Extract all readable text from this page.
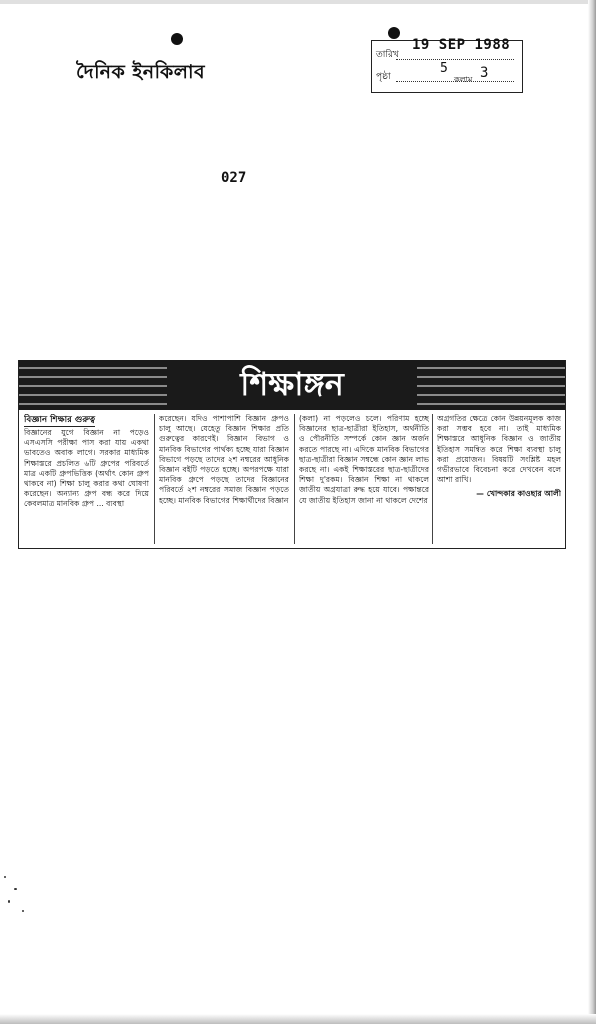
দৈনিক ইনকিলাব
তারিখ
19 SEP 1988
পৃষ্ঠা
5
কলাম 3
027
শিক্ষাঙ্গন
বিজ্ঞান শিক্ষার গুরুত্ব
বিজ্ঞানের যুগে বিজ্ঞান না পড়েও এসএসসি পরীক্ষা পাস করা যায় একথা ভাবতেও অবাক লাগে। সরকার মাধ্যমিক শিক্ষাস্তরে প্রচলিত ৬টি গ্রুপের পরিবর্তে মাত্র একটি গ্রুপভিত্তিক (অর্থাৎ কোন গ্রুপ থাকবে না) শিক্ষা চালু করার কথা ঘোষণা করেছেন। অন্যান্য গ্রুপ বন্ধ করে দিয়ে কেবলমাত্র মানবিক গ্রুপ ... ব্যবস্থা
করেছেন। যদিও পাশাপাশি বিজ্ঞান গ্রুপও চালু আছে। যেহেতু বিজ্ঞান শিক্ষার প্রতি গুরুত্বের কারণেই। বিজ্ঞান বিভাগ ও মানবিক বিভাগের পার্থক্য হচ্ছে যারা বিজ্ঞান বিভাগে পড়ছে তাদের ২শ নম্বরের আধুনিক বিজ্ঞান বইটি পড়তে হচ্ছে। অপরপক্ষে যারা মানবিক গ্রুপে পড়ছে তাদের বিজ্ঞানের পরিবর্তে ২শ নম্বরের সমাজ বিজ্ঞান পড়তে হচ্ছে। মানবিক বিভাগের শিক্ষার্থীদের বিজ্ঞান
(কলা) না পড়লেও চলে। পরিণাম হচ্ছে বিজ্ঞানের ছাত্র-ছাত্রীরা ইতিহাস, অর্থনীতি ও পৌরনীতি সম্পর্কে কোন জ্ঞান অর্জন করতে পারছে না। এদিকে মানবিক বিভাগের ছাত্র-ছাত্রীরা বিজ্ঞান সম্বন্ধে কোন জ্ঞান লাভ করছে না। একই শিক্ষাস্তরের ছাত্র-ছাত্রীদের শিক্ষা দু'রকম। বিজ্ঞান শিক্ষা না থাকলে জাতীয় অগ্রযাত্রা রুদ্ধ হয়ে যাবে। পক্ষান্তরে যে জাতীয় ইতিহাস জানা না থাকলে দেশের
অগ্রগতির ক্ষেত্রে কোন উন্নয়নমূলক কাজ করা সম্ভব হবে না। তাই মাধ্যমিক শিক্ষাস্তরে আধুনিক বিজ্ঞান ও জাতীয় ইতিহাস সমন্বিত করে শিক্ষা ব্যবস্থা চালু করা প্রয়োজন। বিষয়টি সংশ্লিষ্ট মহল গভীরভাবে বিবেচনা করে দেখবেন বলে আশা রাখি।
— খোন্দকার কাওছার আলী
